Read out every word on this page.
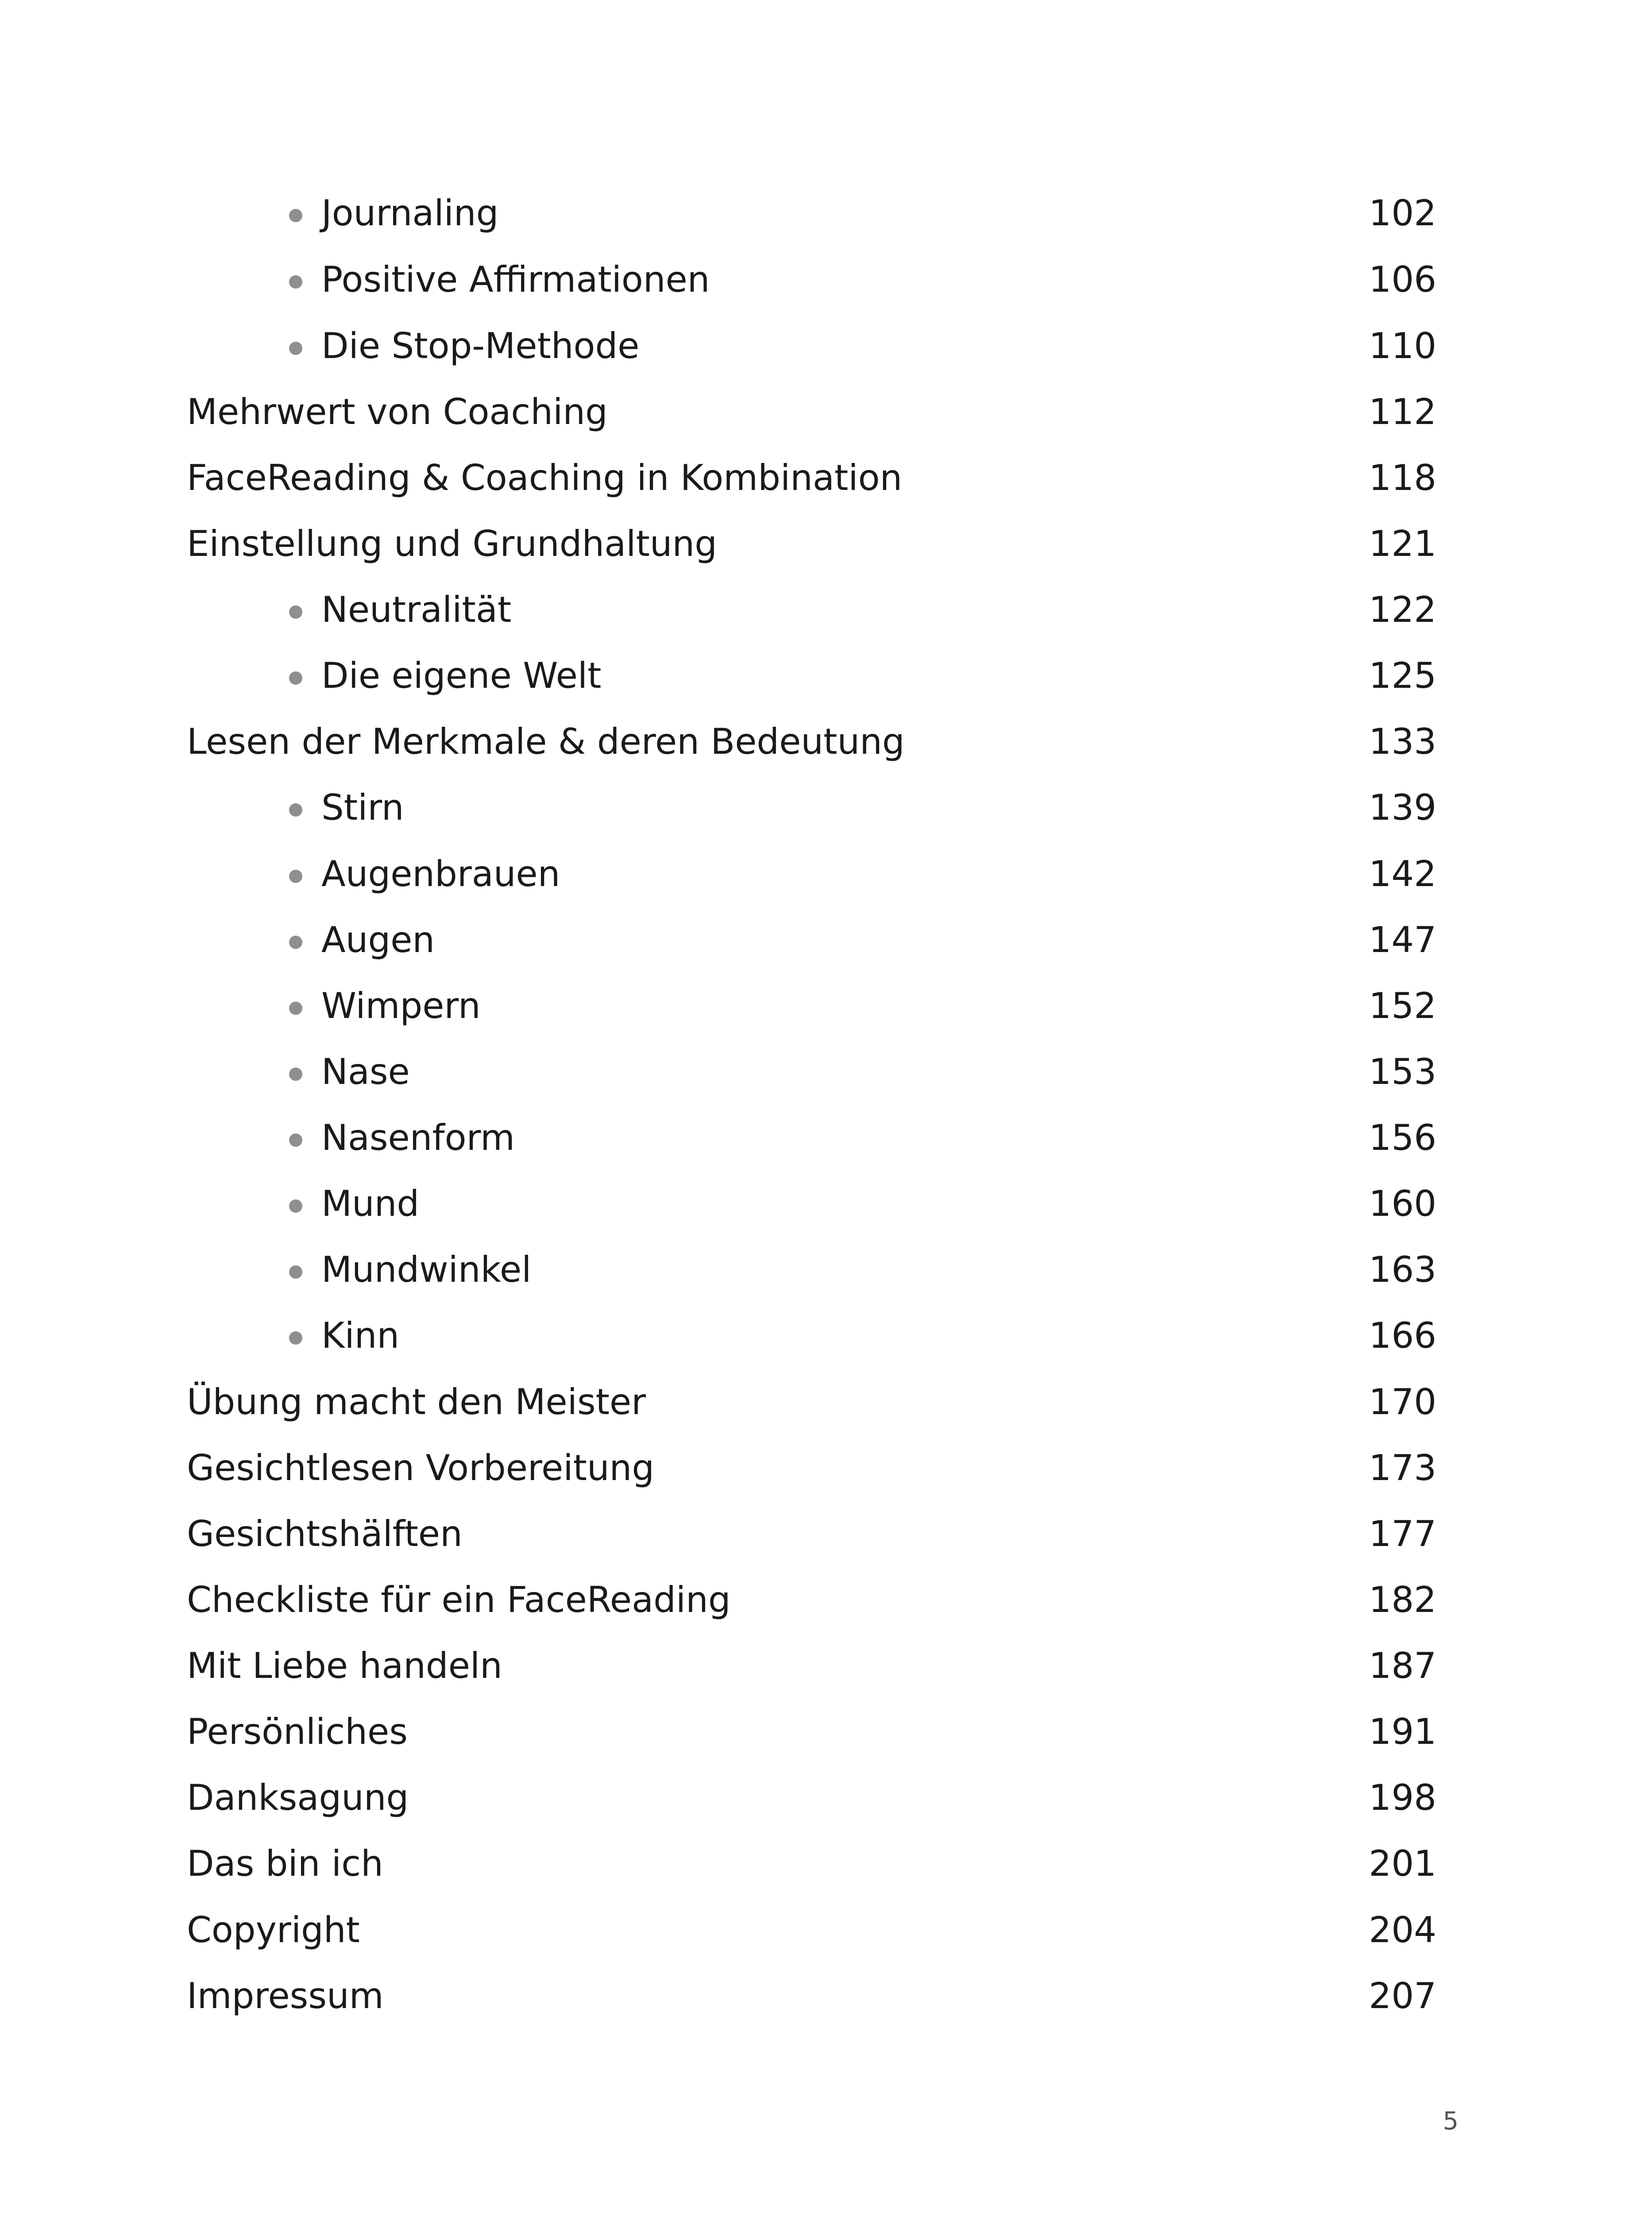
Journaling	102
Positive Affirmationen	106
Die Stop-Methode	110
Mehrwert von Coaching	112
FaceReading & Coaching in Kombination	118
Einstellung und Grundhaltung	121
Neutralität	122
Die eigene Welt	125
Lesen der Merkmale & deren Bedeutung	133
Stirn	139
Augenbrauen	142
Augen	147
Wimpern	152
Nase	153
Nasenform	156
Mund	160
Mundwinkel	163
Kinn	166
Übung macht den Meister	170
Gesichtlesen Vorbereitung	173
Gesichtshälften	177
Checkliste für ein FaceReading	182
Mit Liebe handeln	187
Persönliches	191
Danksagung	198
Das bin ich	201
Copyright	204
Impressum	207
5
